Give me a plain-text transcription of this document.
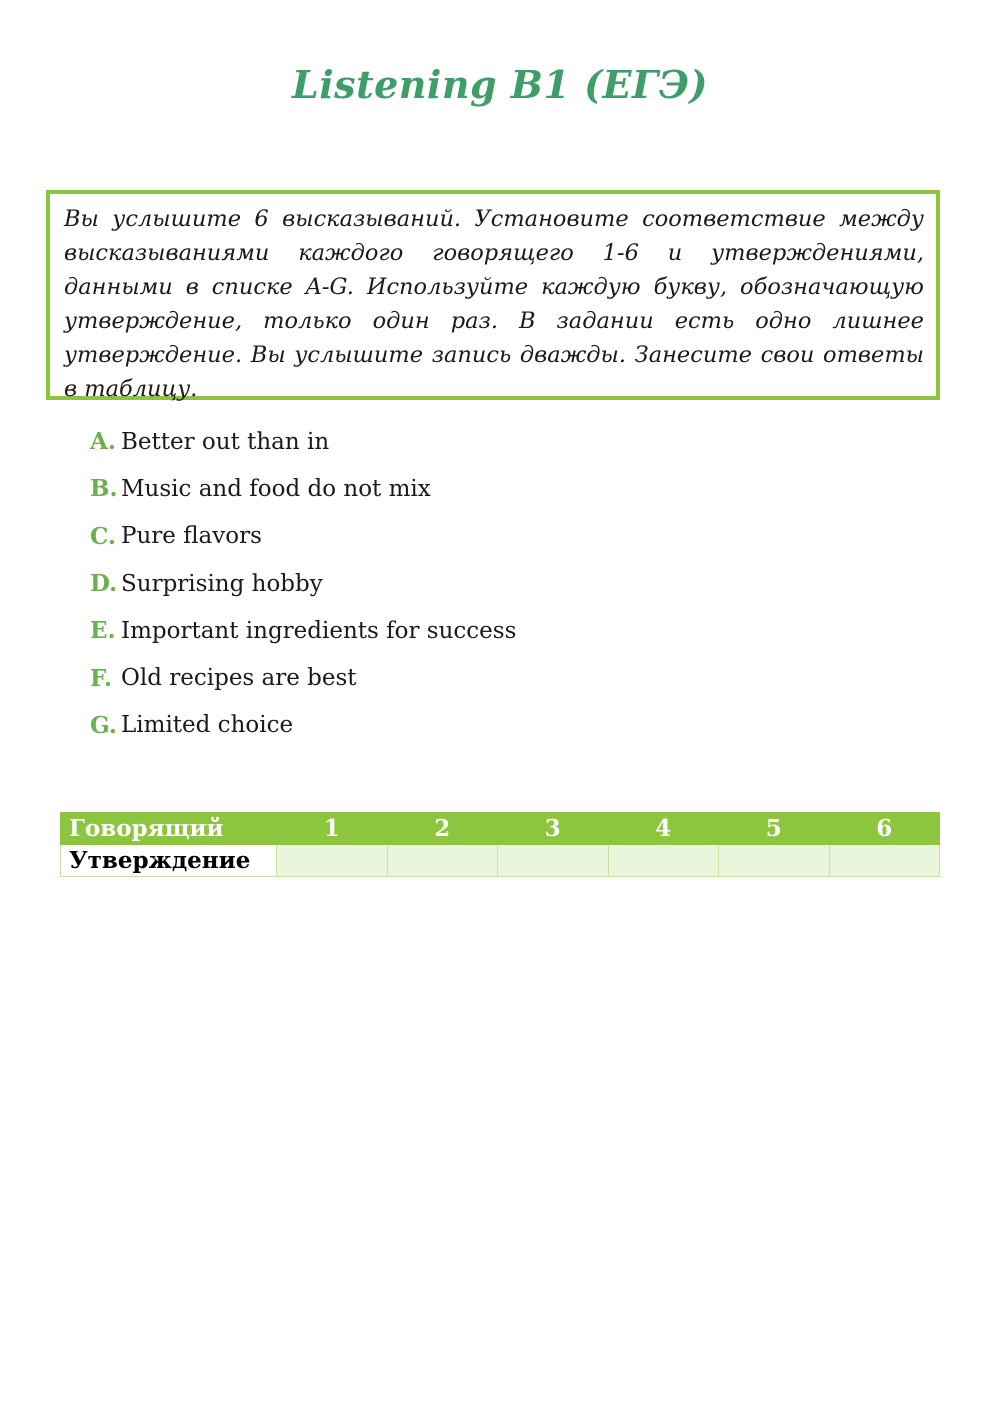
Listening B1 (ЕГЭ)
Вы услышите 6 высказываний. Установите соответствие между высказываниями каждого говорящего 1-6 и утверждениями, данными в списке A-G. Используйте каждую букву, обозначающую утверждение, только один раз. В задании есть одно лишнее утверждение. Вы услышите запись дважды. Занесите свои ответы в таблицу.
A. Better out than in
B. Music and food do not mix
C. Pure flavors
D. Surprising hobby
E. Important ingredients for success
F. Old recipes are best
G. Limited choice
Говорящий	1	2	3	4	5	6
Утверждение						
